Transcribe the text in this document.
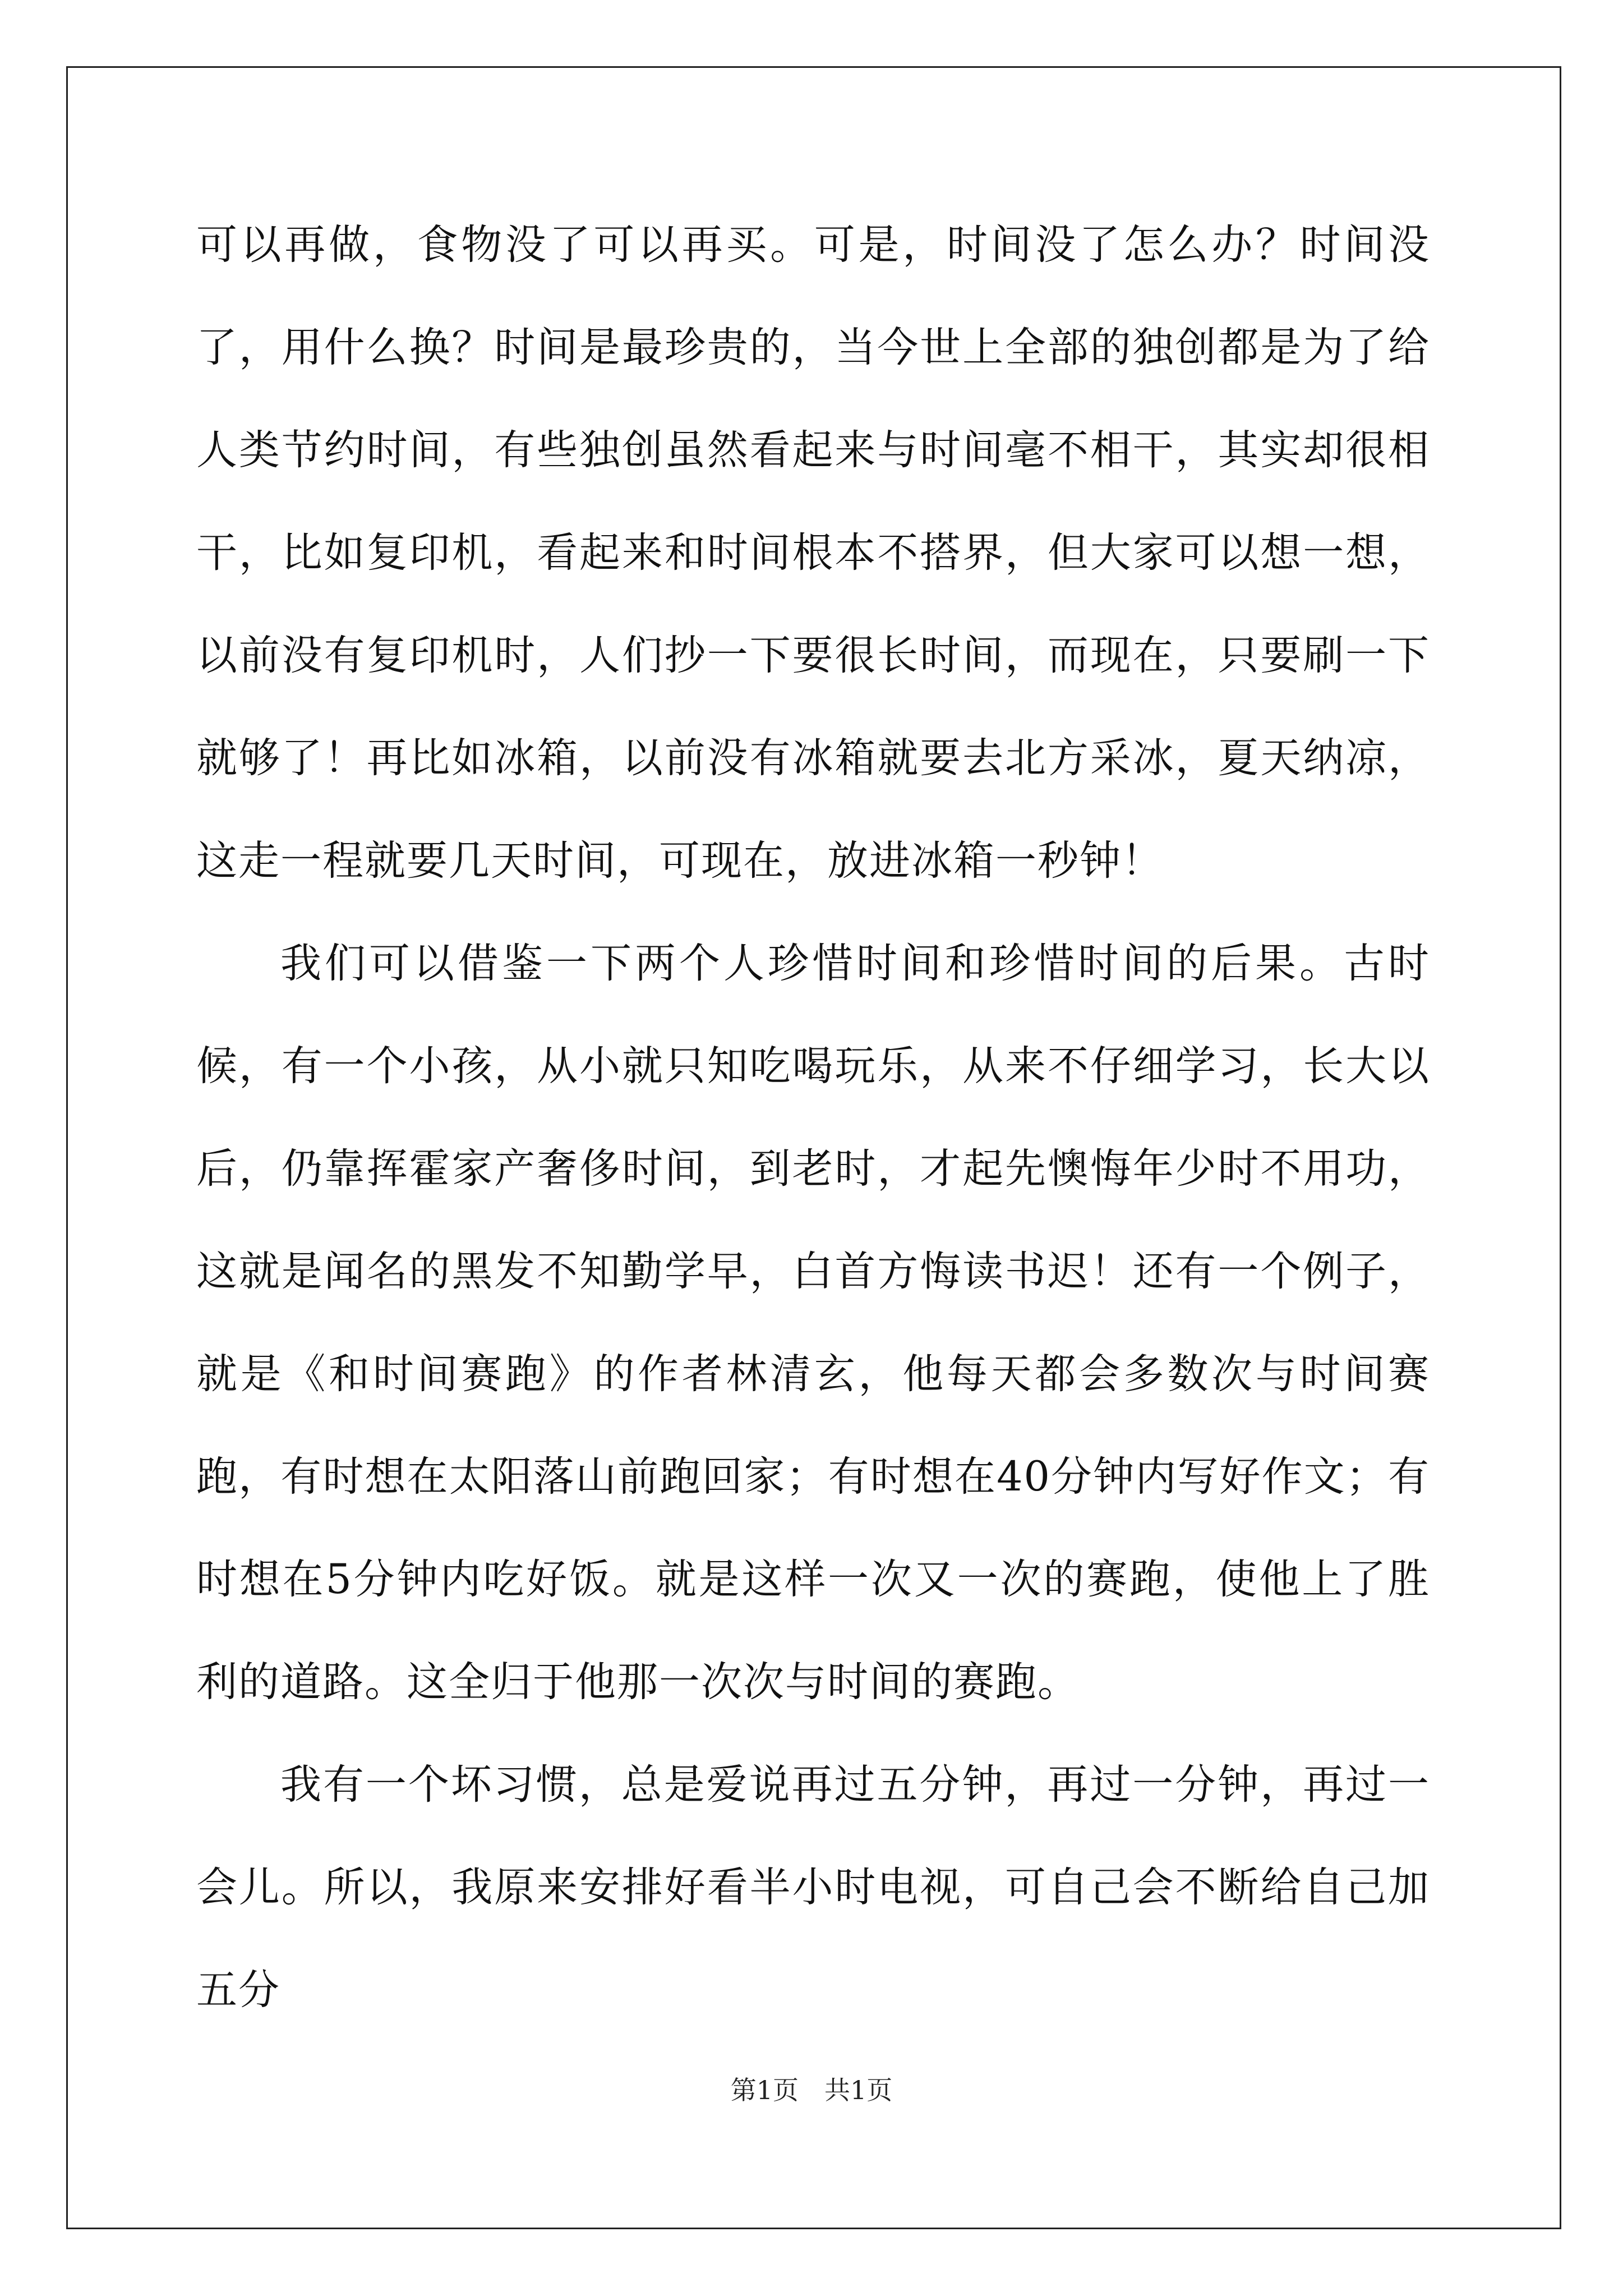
可以再做，食物没了可以再买。可是，时间没了怎么办？时间没了，用什么换？时间是最珍贵的，当今世上全部的独创都是为了给人类节约时间，有些独创虽然看起来与时间毫不相干，其实却很相干，比如复印机，看起来和时间根本不搭界，但大家可以想一想，以前没有复印机时，人们抄一下要很长时间，而现在，只要刷一下就够了！再比如冰箱，以前没有冰箱就要去北方采冰，夏天纳凉，这走一程就要几天时间，可现在，放进冰箱一秒钟！

我们可以借鉴一下两个人珍惜时间和珍惜时间的后果。古时候，有一个小孩，从小就只知吃喝玩乐，从来不仔细学习，长大以后，仍靠挥霍家产奢侈时间，到老时，才起先懊悔年少时不用功，这就是闻名的黑发不知勤学早，白首方悔读书迟！还有一个例子，就是《和时间赛跑》的作者林清玄，他每天都会多数次与时间赛跑，有时想在太阳落山前跑回家；有时想在40分钟内写好作文；有时想在5分钟内吃好饭。就是这样一次又一次的赛跑，使他上了胜利的道路。这全归于他那一次次与时间的赛跑。

我有一个坏习惯，总是爱说再过五分钟，再过一分钟，再过一会儿。所以，我原来安排好看半小时电视，可自己会不断给自己加五分

第1页　共1页
